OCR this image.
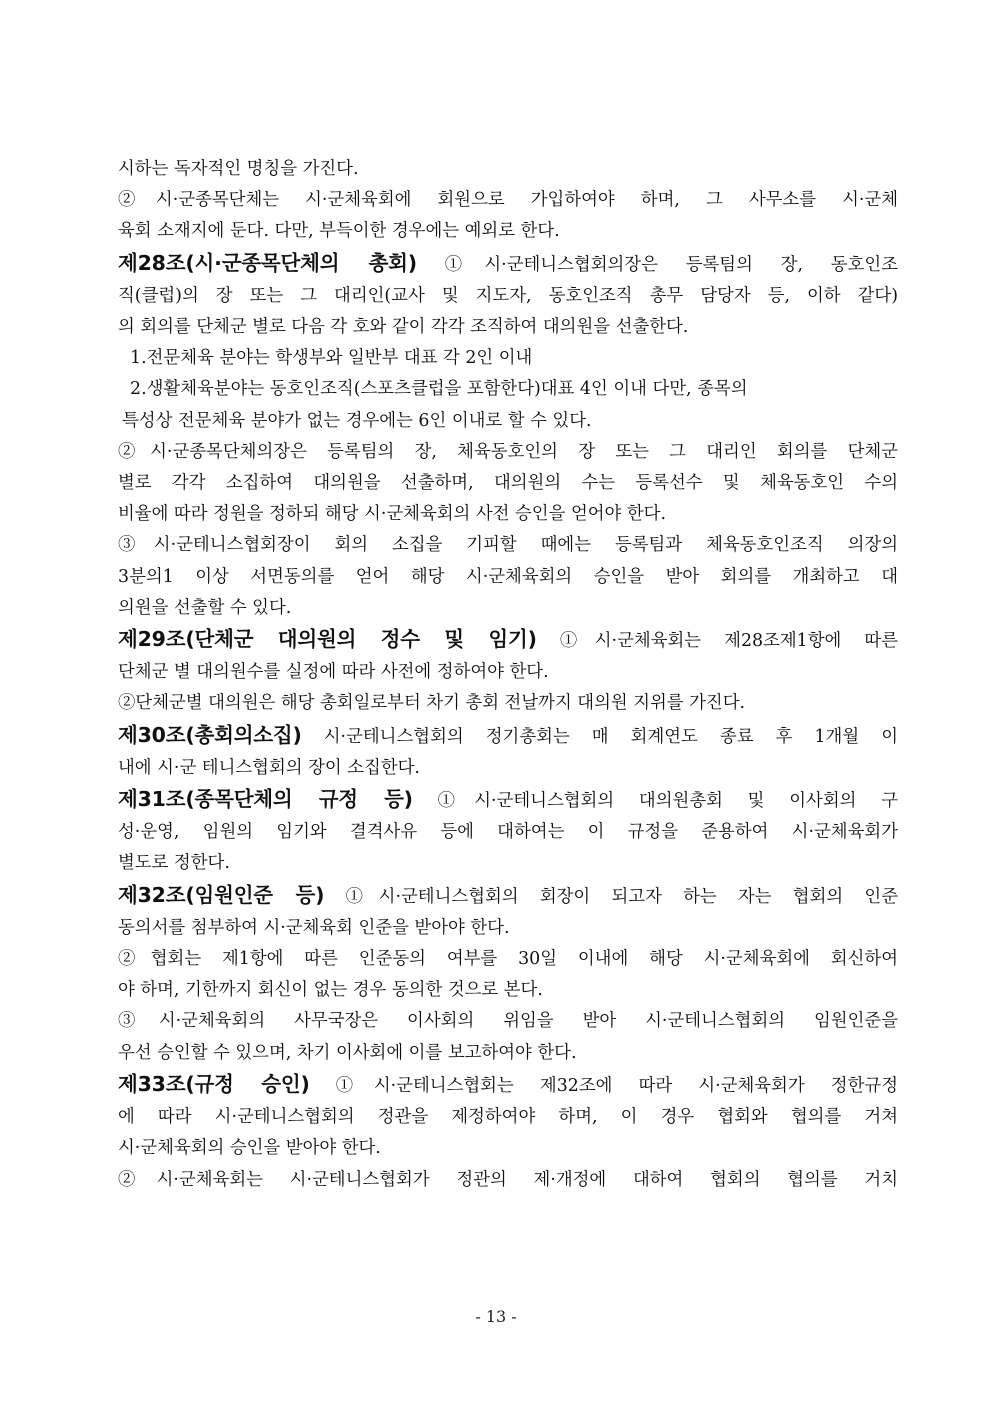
시하는 독자적인 명칭을 가진다.

②시·군종목단체는 시·군체육회에 회원으로 가입하여야 하며, 그 사무소를 시·군체

육회 소재지에 둔다. 다만, 부득이한 경우에는 예외로 한다.

제28조(시·군종목단체의 총회) ①시·군테니스협회의장은 등록팀의 장, 동호인조

직(클럽)의 장 또는 그 대리인(교사 및 지도자, 동호인조직 총무 담당자 등, 이하 같다)

의 회의를 단체군 별로 다음 각 호와 같이 각각 조직하여 대의원을 선출한다.

1.전문체육 분야는 학생부와 일반부 대표 각 2인 이내

2.생활체육분야는 동호인조직(스포츠클럽을 포함한다)대표 4인 이내 다만, 종목의

특성상 전문체육 분야가 없는 경우에는 6인 이내로 할 수 있다.

②시·군종목단체의장은 등록팀의 장, 체육동호인의 장 또는 그 대리인 회의를 단체군

별로 각각 소집하여 대의원을 선출하며, 대의원의 수는 등록선수 및 체육동호인 수의

비율에 따라 정원을 정하되 해당 시·군체육회의 사전 승인을 얻어야 한다.

③시·군테니스협회장이 회의 소집을 기피할 때에는 등록팀과 체육동호인조직 의장의

3분의1 이상 서면동의를 얻어 해당 시·군체육회의 승인을 받아 회의를 개최하고 대

의원을 선출할 수 있다.

제29조(단체군 대의원의 정수 및 임기) ①시·군체육회는 제28조제1항에 따른

단체군 별 대의원수를 실정에 따라 사전에 정하여야 한다.

②단체군별 대의원은 해당 총회일로부터 차기 총회 전날까지 대의원 지위를 가진다.

제30조(총회의소집) 시·군테니스협회의 정기총회는 매 회계연도 종료 후 1개월 이

내에 시·군 테니스협회의 장이 소집한다.

제31조(종목단체의 규정 등) ①시·군테니스협회의 대의원총회 및 이사회의 구

성·운영, 임원의 임기와 결격사유 등에 대하여는 이 규정을 준용하여 시·군체육회가

별도로 정한다.

제32조(임원인준 등) ①시·군테니스협회의 회장이 되고자 하는 자는 협회의 인준

동의서를 첨부하여 시·군체육회 인준을 받아야 한다.

②협회는 제1항에 따른 인준동의 여부를 30일 이내에 해당 시·군체육회에 회신하여

야 하며, 기한까지 회신이 없는 경우 동의한 것으로 본다.

③시·군체육회의 사무국장은 이사회의 위임을 받아 시·군테니스협회의 임원인준을

우선 승인할 수 있으며, 차기 이사회에 이를 보고하여야 한다.

제33조(규정 승인) ①시·군테니스협회는 제32조에 따라 시·군체육회가 정한규정

에 따라 시·군테니스협회의 정관을 제정하여야 하며, 이 경우 협회와 협의를 거쳐

시·군체육회의 승인을 받아야 한다.

②시·군체육회는 시·군테니스협회가 정관의 제·개정에 대하여 협회의 협의를 거치

- 13 -
